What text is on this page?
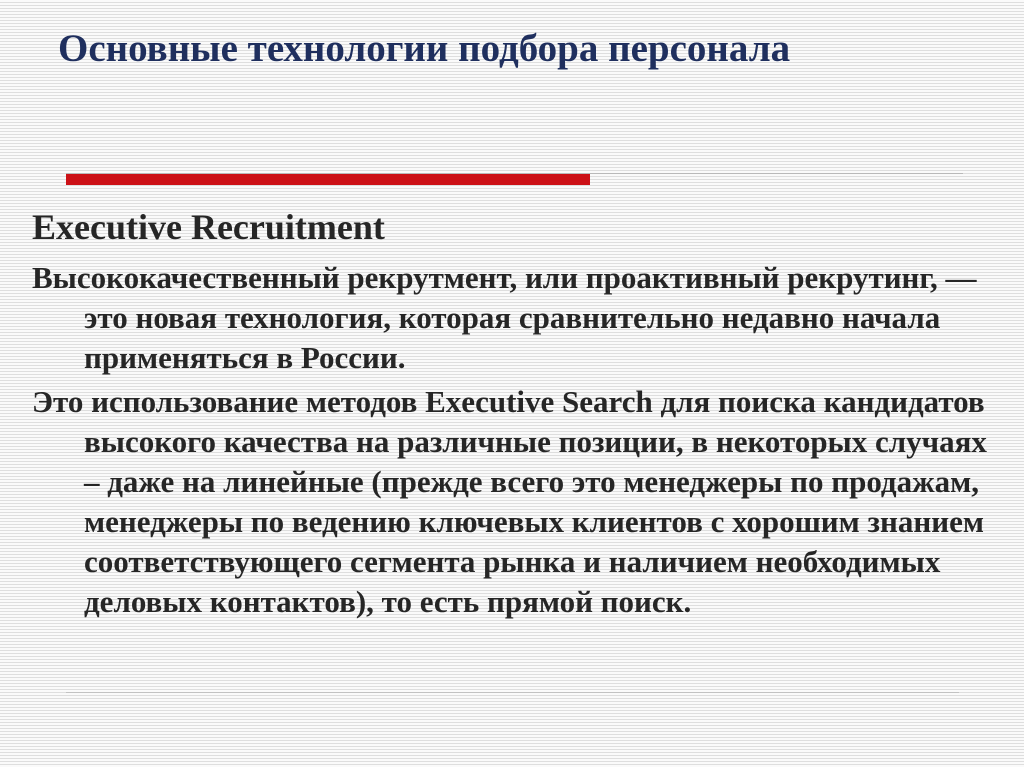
Основные технологии подбора персонала
Executive Recruitment

Высококачественный рекрутмент, или проактивный рекрутинг, — это новая технология, которая сравнительно недавно начала применяться в России.

Это использование методов Executive Search для поиска кандидатов высокого качества на различные позиции, в некоторых случаях – даже на линейные (прежде всего это менеджеры по продажам, менеджеры по ведению ключевых клиентов с хорошим знанием соответствующего сегмента рынка и наличием необходимых деловых контактов), то есть прямой поиск.
